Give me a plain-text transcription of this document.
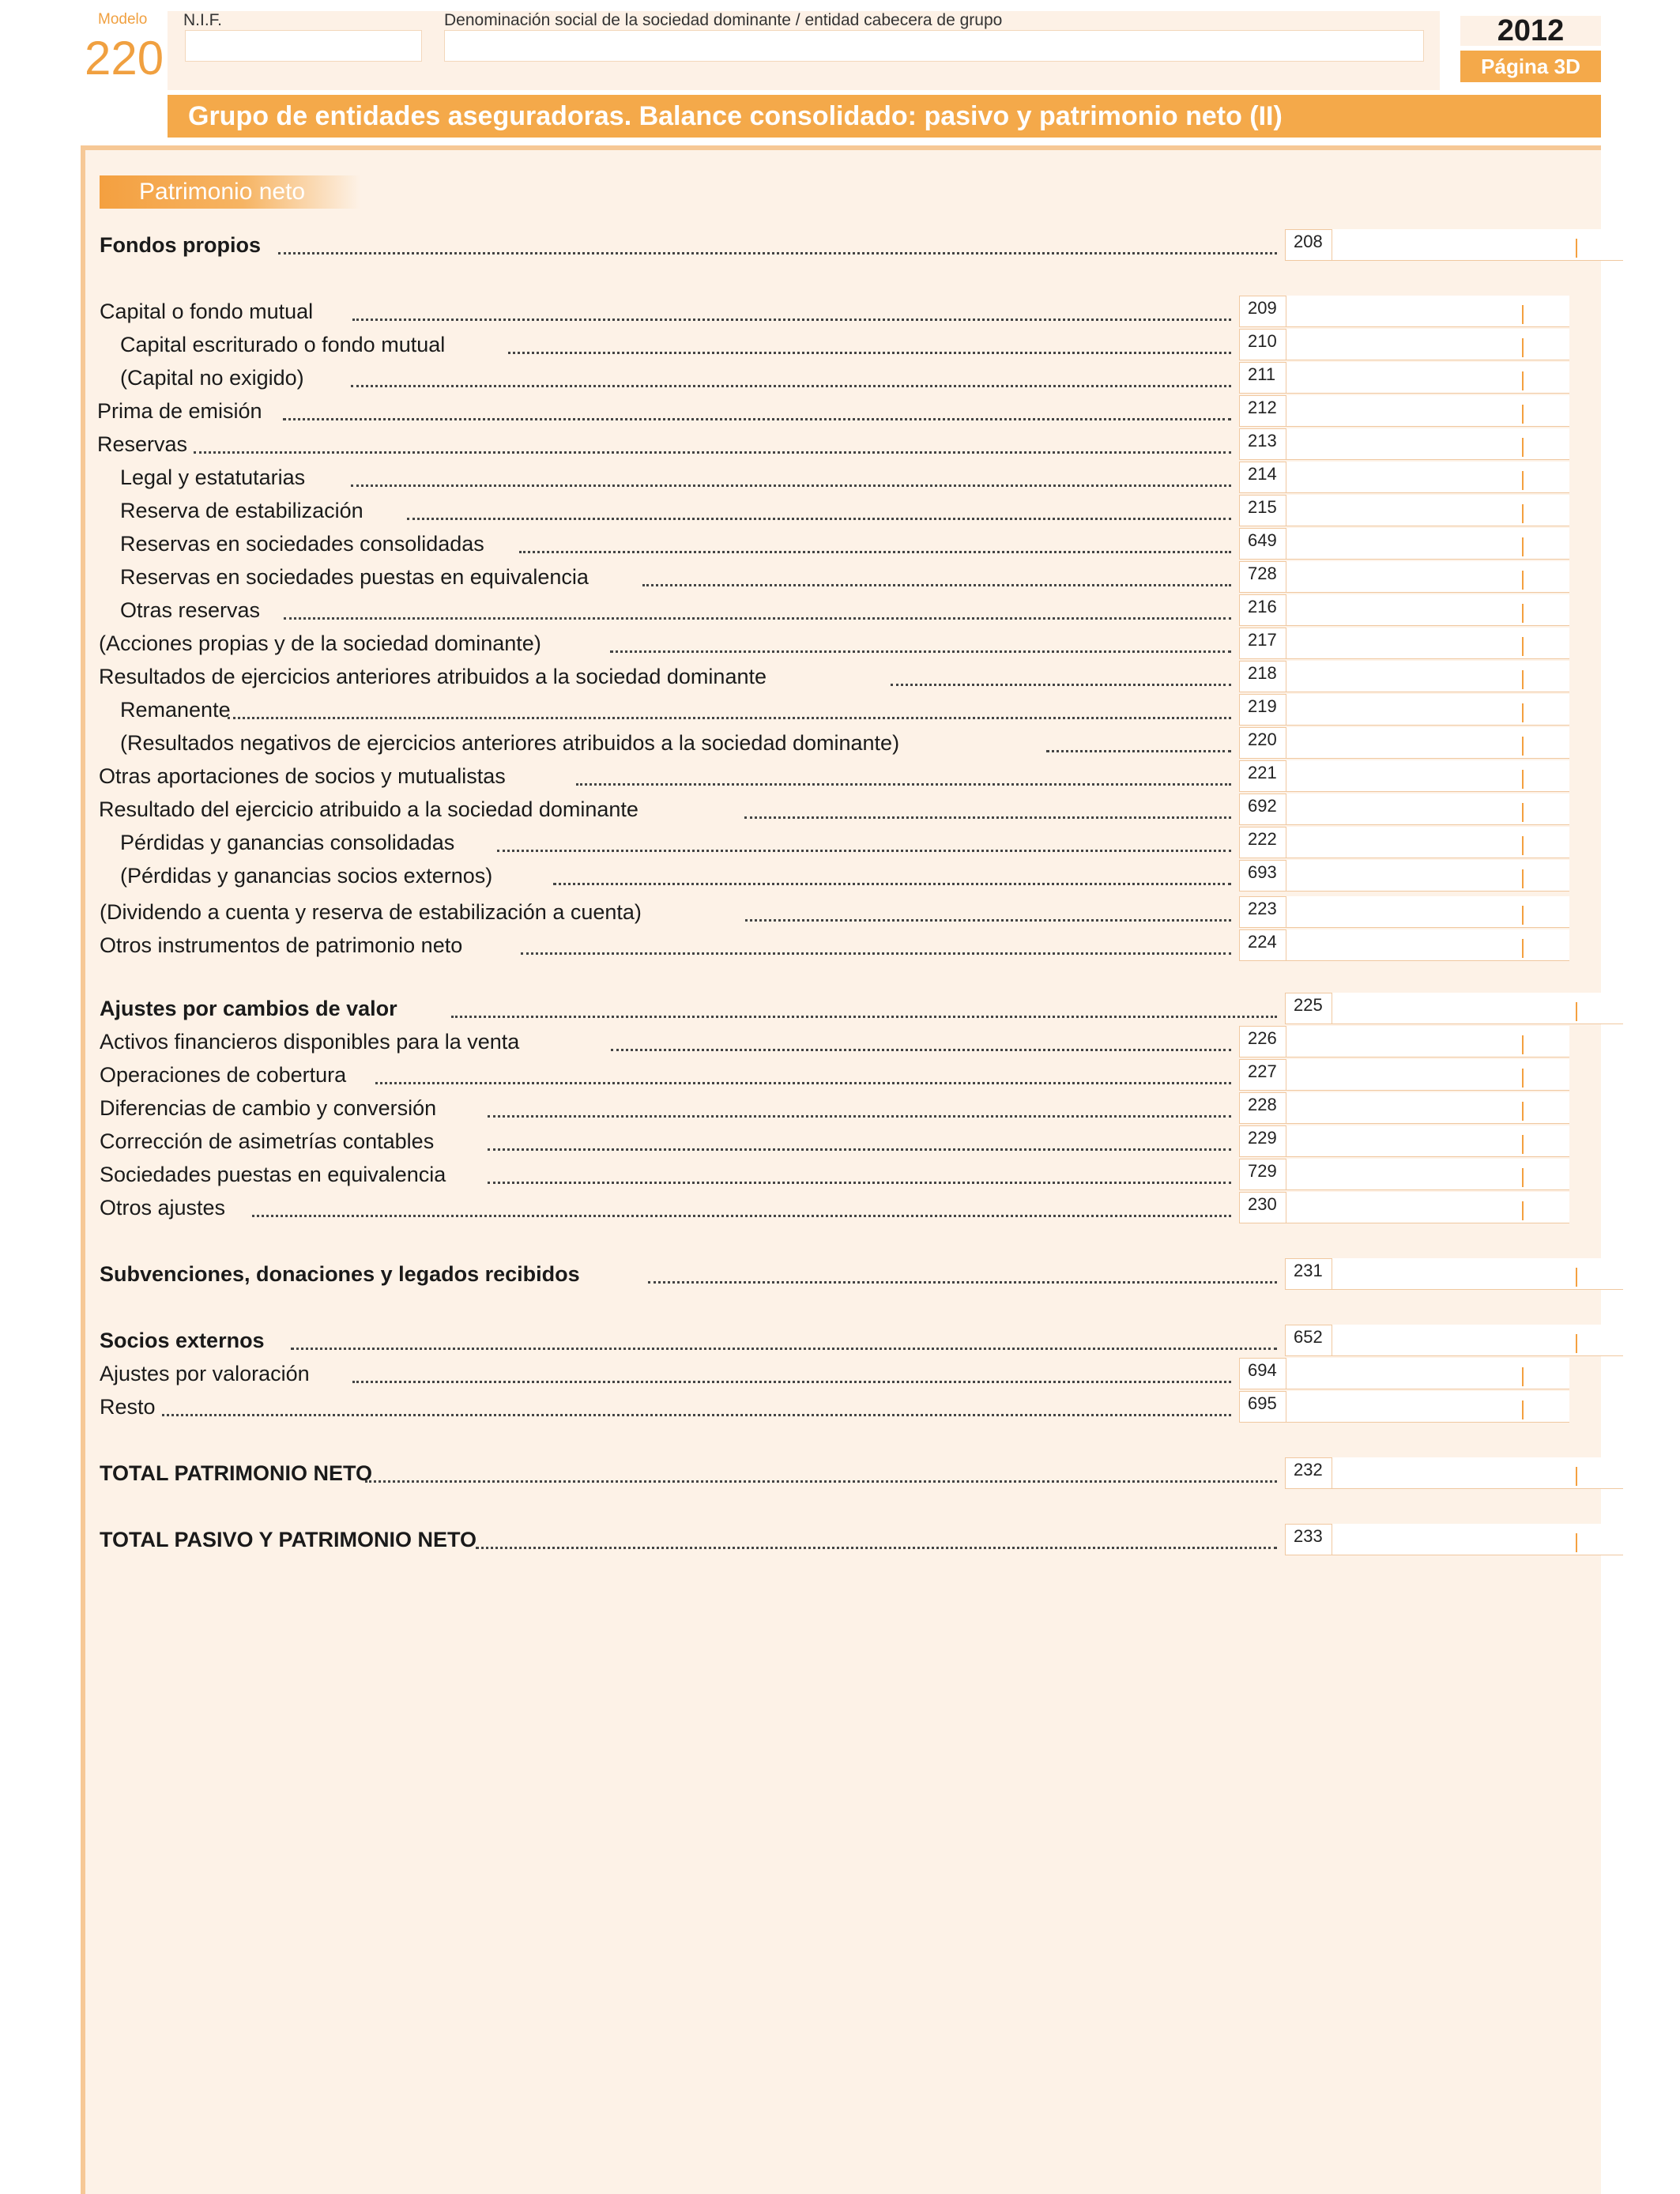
Modelo
220
N.I.F.	Denominación social de la sociedad dominante / entidad cabecera de grupo	2012
Página 3D
Grupo de entidades aseguradoras. Balance consolidado: pasivo y patrimonio neto (II)
Patrimonio neto
Fondos propios	208
Capital o fondo mutual	209
Capital escriturado o fondo mutual	210
(Capital no exigido)	211
Prima de emisión	212
Reservas	213
Legal y estatutarias	214
Reserva de estabilización	215
Reservas en sociedades consolidadas	649
Reservas en sociedades puestas en equivalencia	728
Otras reservas	216
(Acciones propias y de la sociedad dominante)	217
Resultados de ejercicios anteriores atribuidos a la sociedad dominante	218
Remanente	219
(Resultados negativos de ejercicios anteriores atribuidos a la sociedad dominante)	220
Otras aportaciones de socios y mutualistas	221
Resultado del ejercicio atribuido a la sociedad dominante	692
Pérdidas y ganancias consolidadas	222
(Pérdidas y ganancias socios externos)	693
(Dividendo a cuenta y reserva de estabilización a cuenta)	223
Otros instrumentos de patrimonio neto	224
Ajustes por cambios de valor	225
Activos financieros disponibles para la venta	226
Operaciones de cobertura	227
Diferencias de cambio y conversión	228
Corrección de asimetrías contables	229
Sociedades puestas en equivalencia	729
Otros ajustes	230
Subvenciones, donaciones y legados recibidos	231
Socios externos	652
Ajustes por valoración	694
Resto	695
TOTAL PATRIMONIO NETO	232
TOTAL PASIVO Y PATRIMONIO NETO	233
